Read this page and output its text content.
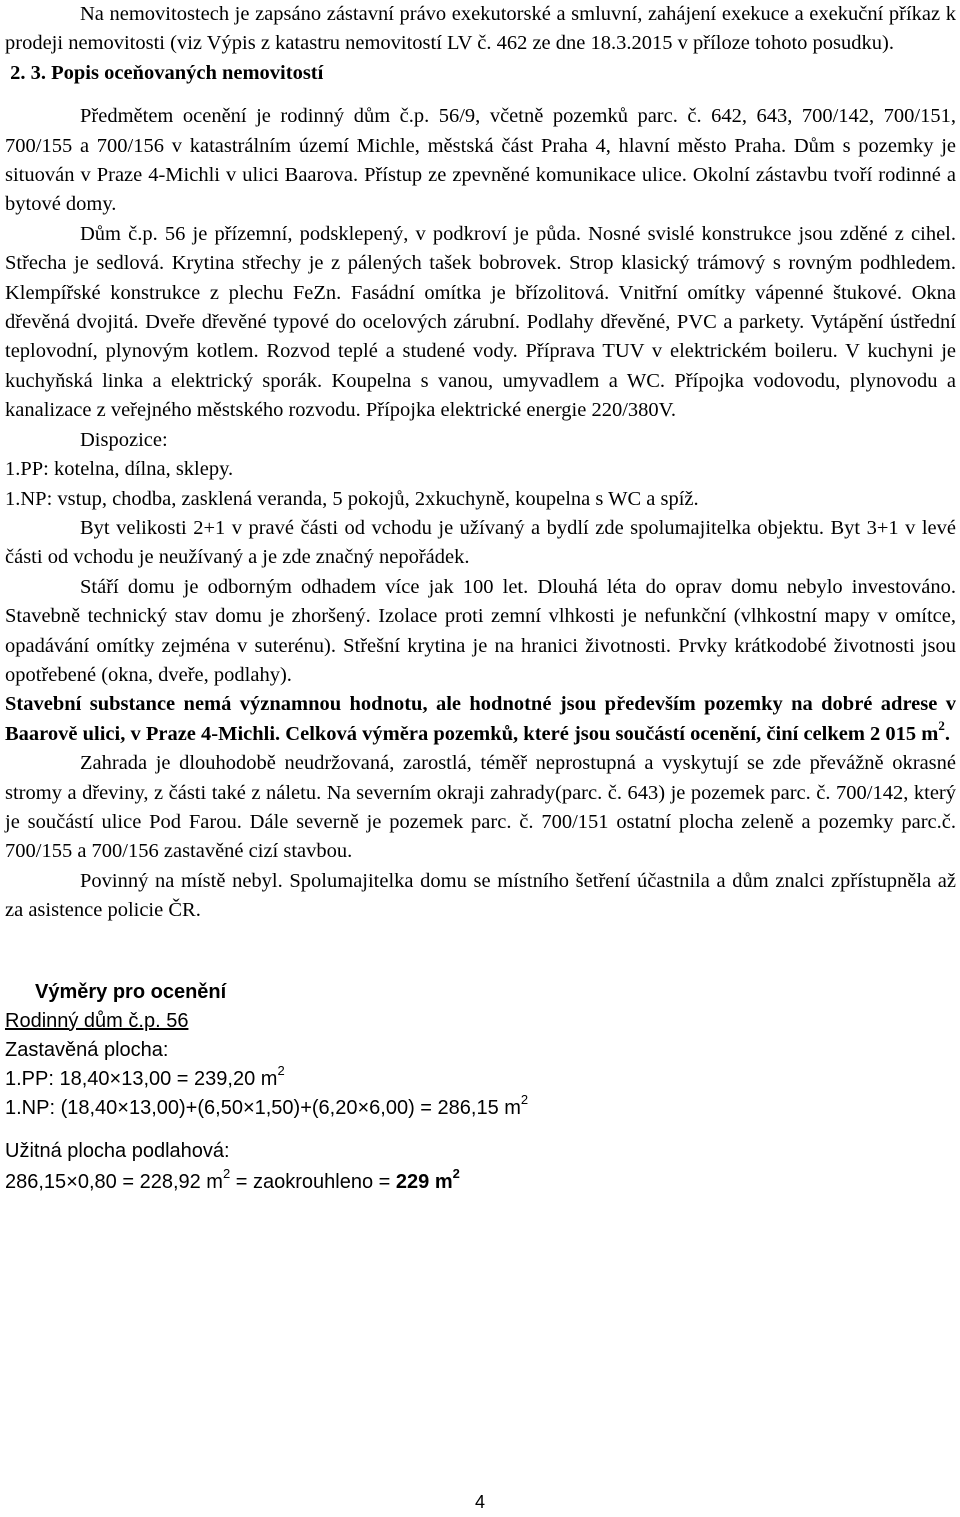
Na nemovitostech je zapsáno zástavní právo exekutorské a smluvní, zahájení exekuce a exekuční příkaz k prodeji nemovitosti (viz Výpis z katastru nemovitostí LV č. 462 ze dne 18.3.2015 v příloze tohoto posudku).

2. 3. Popis oceňovaných nemovitostí

Předmětem ocenění je rodinný dům č.p. 56/9, včetně pozemků parc. č. 642, 643, 700/142, 700/151, 700/155 a 700/156 v katastrálním území Michle, městská část Praha 4, hlavní město Praha. Dům s pozemky je situován v Praze 4-Michli v ulici Baarova. Přístup ze zpevněné komunikace ulice. Okolní zástavbu tvoří rodinné a bytové domy.

Dům č.p. 56 je přízemní, podsklepený, v podkroví je půda. Nosné svislé konstrukce jsou zděné z cihel. Střecha je sedlová. Krytina střechy je z pálených tašek bobrovek. Strop klasický trámový s rovným podhledem. Klempířské konstrukce z plechu FeZn. Fasádní omítka je břízolitová. Vnitřní omítky vápenné štukové. Okna dřevěná dvojitá. Dveře dřevěné typové do ocelových zárubní. Podlahy dřevěné, PVC a parkety. Vytápění ústřední teplovodní, plynovým kotlem. Rozvod teplé a studené vody. Příprava TUV v elektrickém boileru. V kuchyni je kuchyňská linka a elektrický sporák. Koupelna s vanou, umyvadlem a WC. Přípojka vodovodu, plynovodu a kanalizace z veřejného městského rozvodu. Přípojka elektrické energie 220/380V.

Dispozice:

1.PP: kotelna, dílna, sklepy.

1.NP: vstup, chodba, zasklená veranda, 5 pokojů, 2xkuchyně, koupelna s WC a spíž.

Byt velikosti 2+1 v pravé části od vchodu je užívaný a bydlí zde spolumajitelka objektu. Byt 3+1 v levé části od vchodu je neužívaný a je zde značný nepořádek.

Stáří domu je odborným odhadem více jak 100 let. Dlouhá léta do oprav domu nebylo investováno. Stavebně technický stav domu je zhoršený. Izolace proti zemní vlhkosti je nefunkční (vlhkostní mapy v omítce, opadávání omítky zejména v suterénu). Střešní krytina je na hranici životnosti. Prvky krátkodobé životnosti jsou opotřebené (okna, dveře, podlahy).

Stavební substance nemá významnou hodnotu, ale hodnotné jsou především pozemky na dobré adrese v Baarově ulici, v Praze 4-Michli. Celková výměra pozemků, které jsou součástí ocenění, činí celkem 2 015 $m^2$.

Zahrada je dlouhodobě neudržovaná, zarostlá, téměř neprostupná a vyskytují se zde převážně okrasné stromy a dřeviny, z části také z náletu. Na severním okraji zahrady(parc. č. 643) je pozemek parc. č. 700/142, který je součástí ulice Pod Farou. Dále severně je pozemek parc. č. 700/151 ostatní plocha zeleně a pozemky parc.č. 700/155 a 700/156 zastavěné cizí stavbou.

Povinný na místě nebyl. Spolumajitelka domu se místního šetření účastnila a dům znalci zpřístupněla až za asistence policie ČR.

Výměry pro ocenění
Rodinný dům č.p. 56
Zastavěná plocha:
1.PP: 18,40×13,00 = 239,20 $m^2$
1.NP: (18,40×13,00)+(6,50×1,50)+(6,20×6,00) = 286,15 $m^2$
Užitná plocha podlahová:
286,15×0,80 = 228,92 $m^2$ = zaokrouhleno = 229 $m^2$
4
